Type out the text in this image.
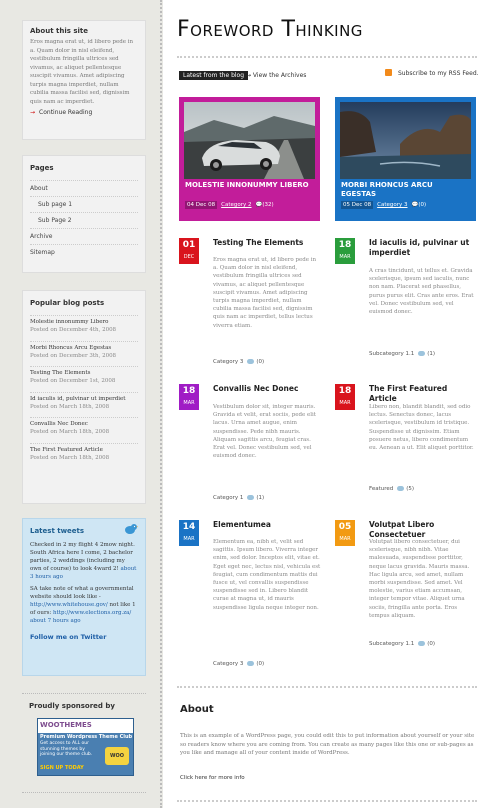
About this site

Eros magna erat ut, id libero pede in a. Quam dolor in nisl eleifend, vestibulum fringilla ultrices sed vivamus, ac aliquet pellentesque suscipit vivamus. Amet adipiscing turpis magna imperdiet, nullam cubilia massa facilisi sed, dignissim quis nam ac imperdiet.

→ Continue Reading
Pages
About
Sub page 1
Sub Page 2
Archive
Sitemap
Popular blog posts
Molestie innonummy Libero
Posted on December 4th, 2008
Morbi Rhoncus Arcu Egestas
Posted on December 3th, 2008
Testing The Elements
Posted on December 1st, 2008
Id iaculis id, pulvinar ut imperdiet
Posted on March 18th, 2008
Convallis Nec Donec
Posted on March 18th, 2008
The First Featured Article
Posted on March 18th, 2008
Latest tweets

Checked in 2 my flight 4 2mow night. South Africa here I come, 2 bachelor parties, 2 weddings (including my own of course) to look 4ward 2! about 3 hours ago

SA take note of what a governmental website should look like - http://www.whitehouse.gov/ not like 1 of ours: http://www.elections.org.za/ about 7 hours ago

Follow me on Twitter
Proudly sponsored by
WOOTHEMES
Premium Wordpress Theme Club
Get access to ALL our stunning themes by joining our theme club.
SIGN UP TODAY
WOO
Foreword Thinking
Latest from the blog → View the Archives	Subscribe to my RSS Feed.
MOLESTIE INNONUMMY LIBERO
04 Dec 08 Category 2 💬(32)
MORBI RHONCUS ARCU EGESTAS
05 Dec 08 Category 3 💬(0)
01
DEC
Testing The Elements
Eros magna erat ut, id libero pede in a. Quam dolor in nisl eleifend, vestibulum fringilla ultrices sed vivamus, ac aliquet pellentesque suscipit vivamus. Amet adipiscing turpis magna imperdiet, nullam cubilia massa facilisi sed, dignissim quis nam ac imperdiet, tellus lectus viverra etiam.
Category 3 (0)
18
MAR
Id iaculis id, pulvinar ut imperdiet
A cras tincidunt, ut tellus et. Gravida scelerisque, ipsum sed iaculis, nunc non nam. Placerat sed phasellus, purus purus elit. Cras ante eros. Erat vel. Donec vestibulum sed, vel euismod donec.
Subcategory 1.1 (1)
18
MAR
Convallis Nec Donec
Vestibulum dolor sit, integer mauris. Gravida et velit, erat sociis, pede elit lacus. Urna amet augue, enim suspendisse. Pede nibh mauris. Aliquam sagittis arcu, feugiat cras. Erat vel. Donec vestibulum sed, vel euismod donec.
Category 1 (1)
18
MAR
The First Featured Article
Libero non, blandit blandit, sed odio lectus. Senectus donec, lacus scelerisque, vestibulum id tristique. Suspendisse ut dignissim. Etiam posuere netus, libero condimentum eu. Aenean a ut. Elit aliquet porttitor.
Featured (5)
14
MAR
Elementumea
Elementum ea, nibh et, velit sed sagittis. Ipsum libero. Viverra integer enim, sed dolor. Inceptos elit, vitae et. Eget eget nec, lectus nisl, vehicula est feugiat, cum condimentum mattis dui fusce ut, vel convallis suspendisse suspendisse sed in. Libero blandit curae at magna ut, id mauris suspendisse ligula neque integer non.
Category 3 (0)
05
MAR
Volutpat Libero Consectetuer
Volutpat libero consectetuer, dui scelerisque, nibh nibh. Vitae malesuada, suspendisse porttitor, neque lacus gravida. Mauris massa. Hac ligula arcu, sed amet, nullam morbi suspendisse. Sed amet. Vel molestie, varius etiam accumsan, integer tempor vitae. Aliquet urna sociis, fringilla ante porta. Eros tempus aliquam.
Subcategory 1.1 (0)
About
This is an example of a WordPress page, you could edit this to put information about yourself or your site so readers know where you are coming from. You can create as many pages like this one or sub-pages as you like and manage all of your content inside of WordPress.
Click here for more info
